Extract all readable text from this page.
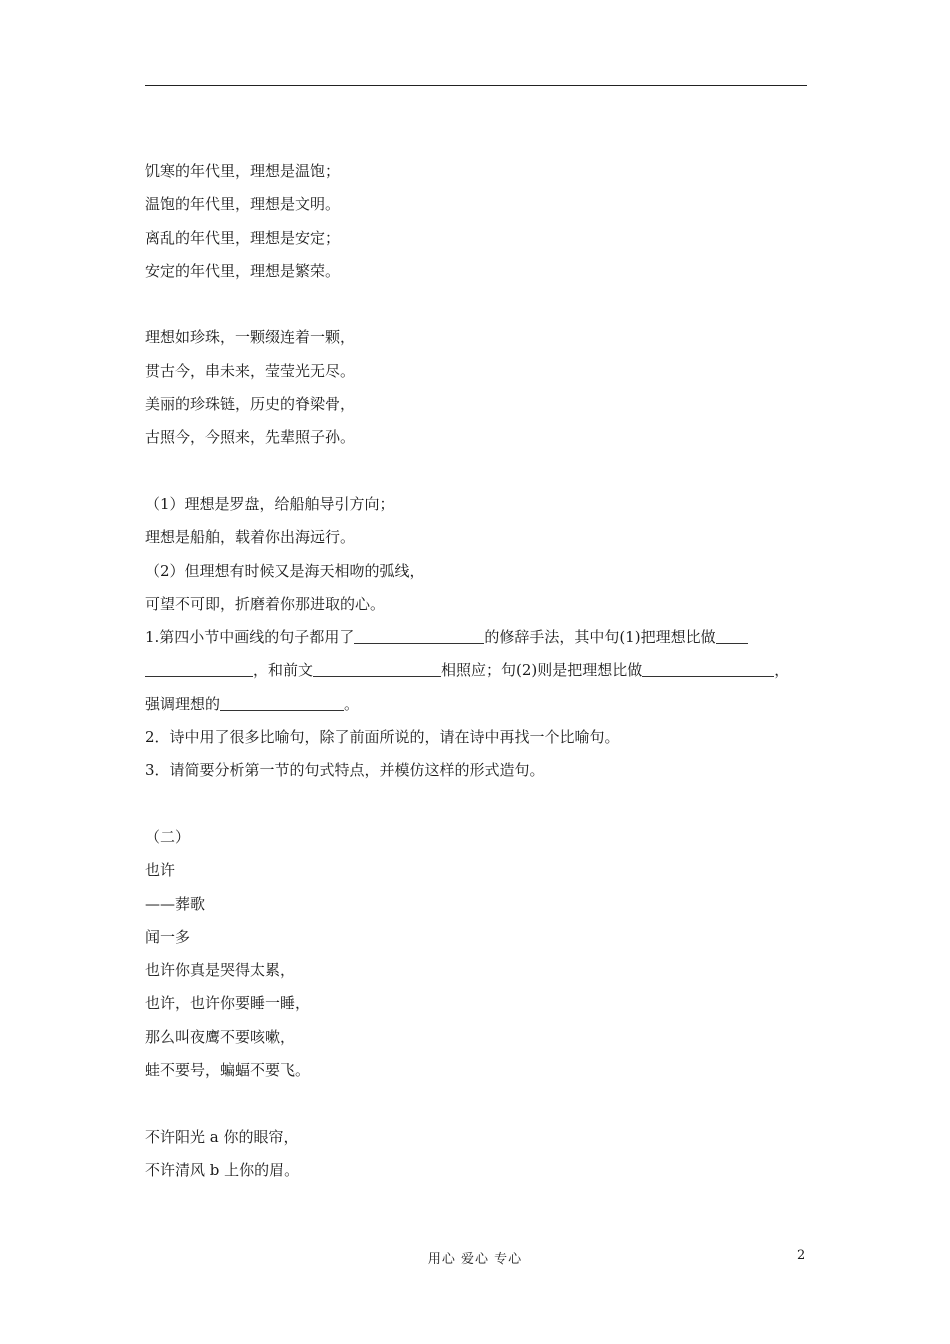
饥寒的年代里，理想是温饱；
温饱的年代里，理想是文明。
离乱的年代里，理想是安定；
安定的年代里，理想是繁荣。
理想如珍珠，一颗缀连着一颗，
贯古今，串未来，莹莹光无尽。
美丽的珍珠链，历史的脊梁骨，
古照今，今照来，先辈照子孙。
（1）理想是罗盘，给船舶导引方向；
理想是船舶，载着你出海远行。
（2）但理想有时候又是海天相吻的弧线，
可望不可即，折磨着你那进取的心。
1.第四小节中画线的句子都用了	的修辞手法，其中句(1)把理想比做
，和前文	相照应；句(2)则是把理想比做	，
强调理想的	。
2．诗中用了很多比喻句，除了前面所说的，请在诗中再找一个比喻句。
3．请简要分析第一节的句式特点，并模仿这样的形式造句。
（二）
也许
——葬歌
闻一多
也许你真是哭得太累，
也许，也许你要睡一睡，
那么叫夜鹰不要咳嗽，
蛙不要号，蝙蝠不要飞。
不许阳光 a 你的眼帘，
不许清风 b 上你的眉。
用心 爱心 专心	2
